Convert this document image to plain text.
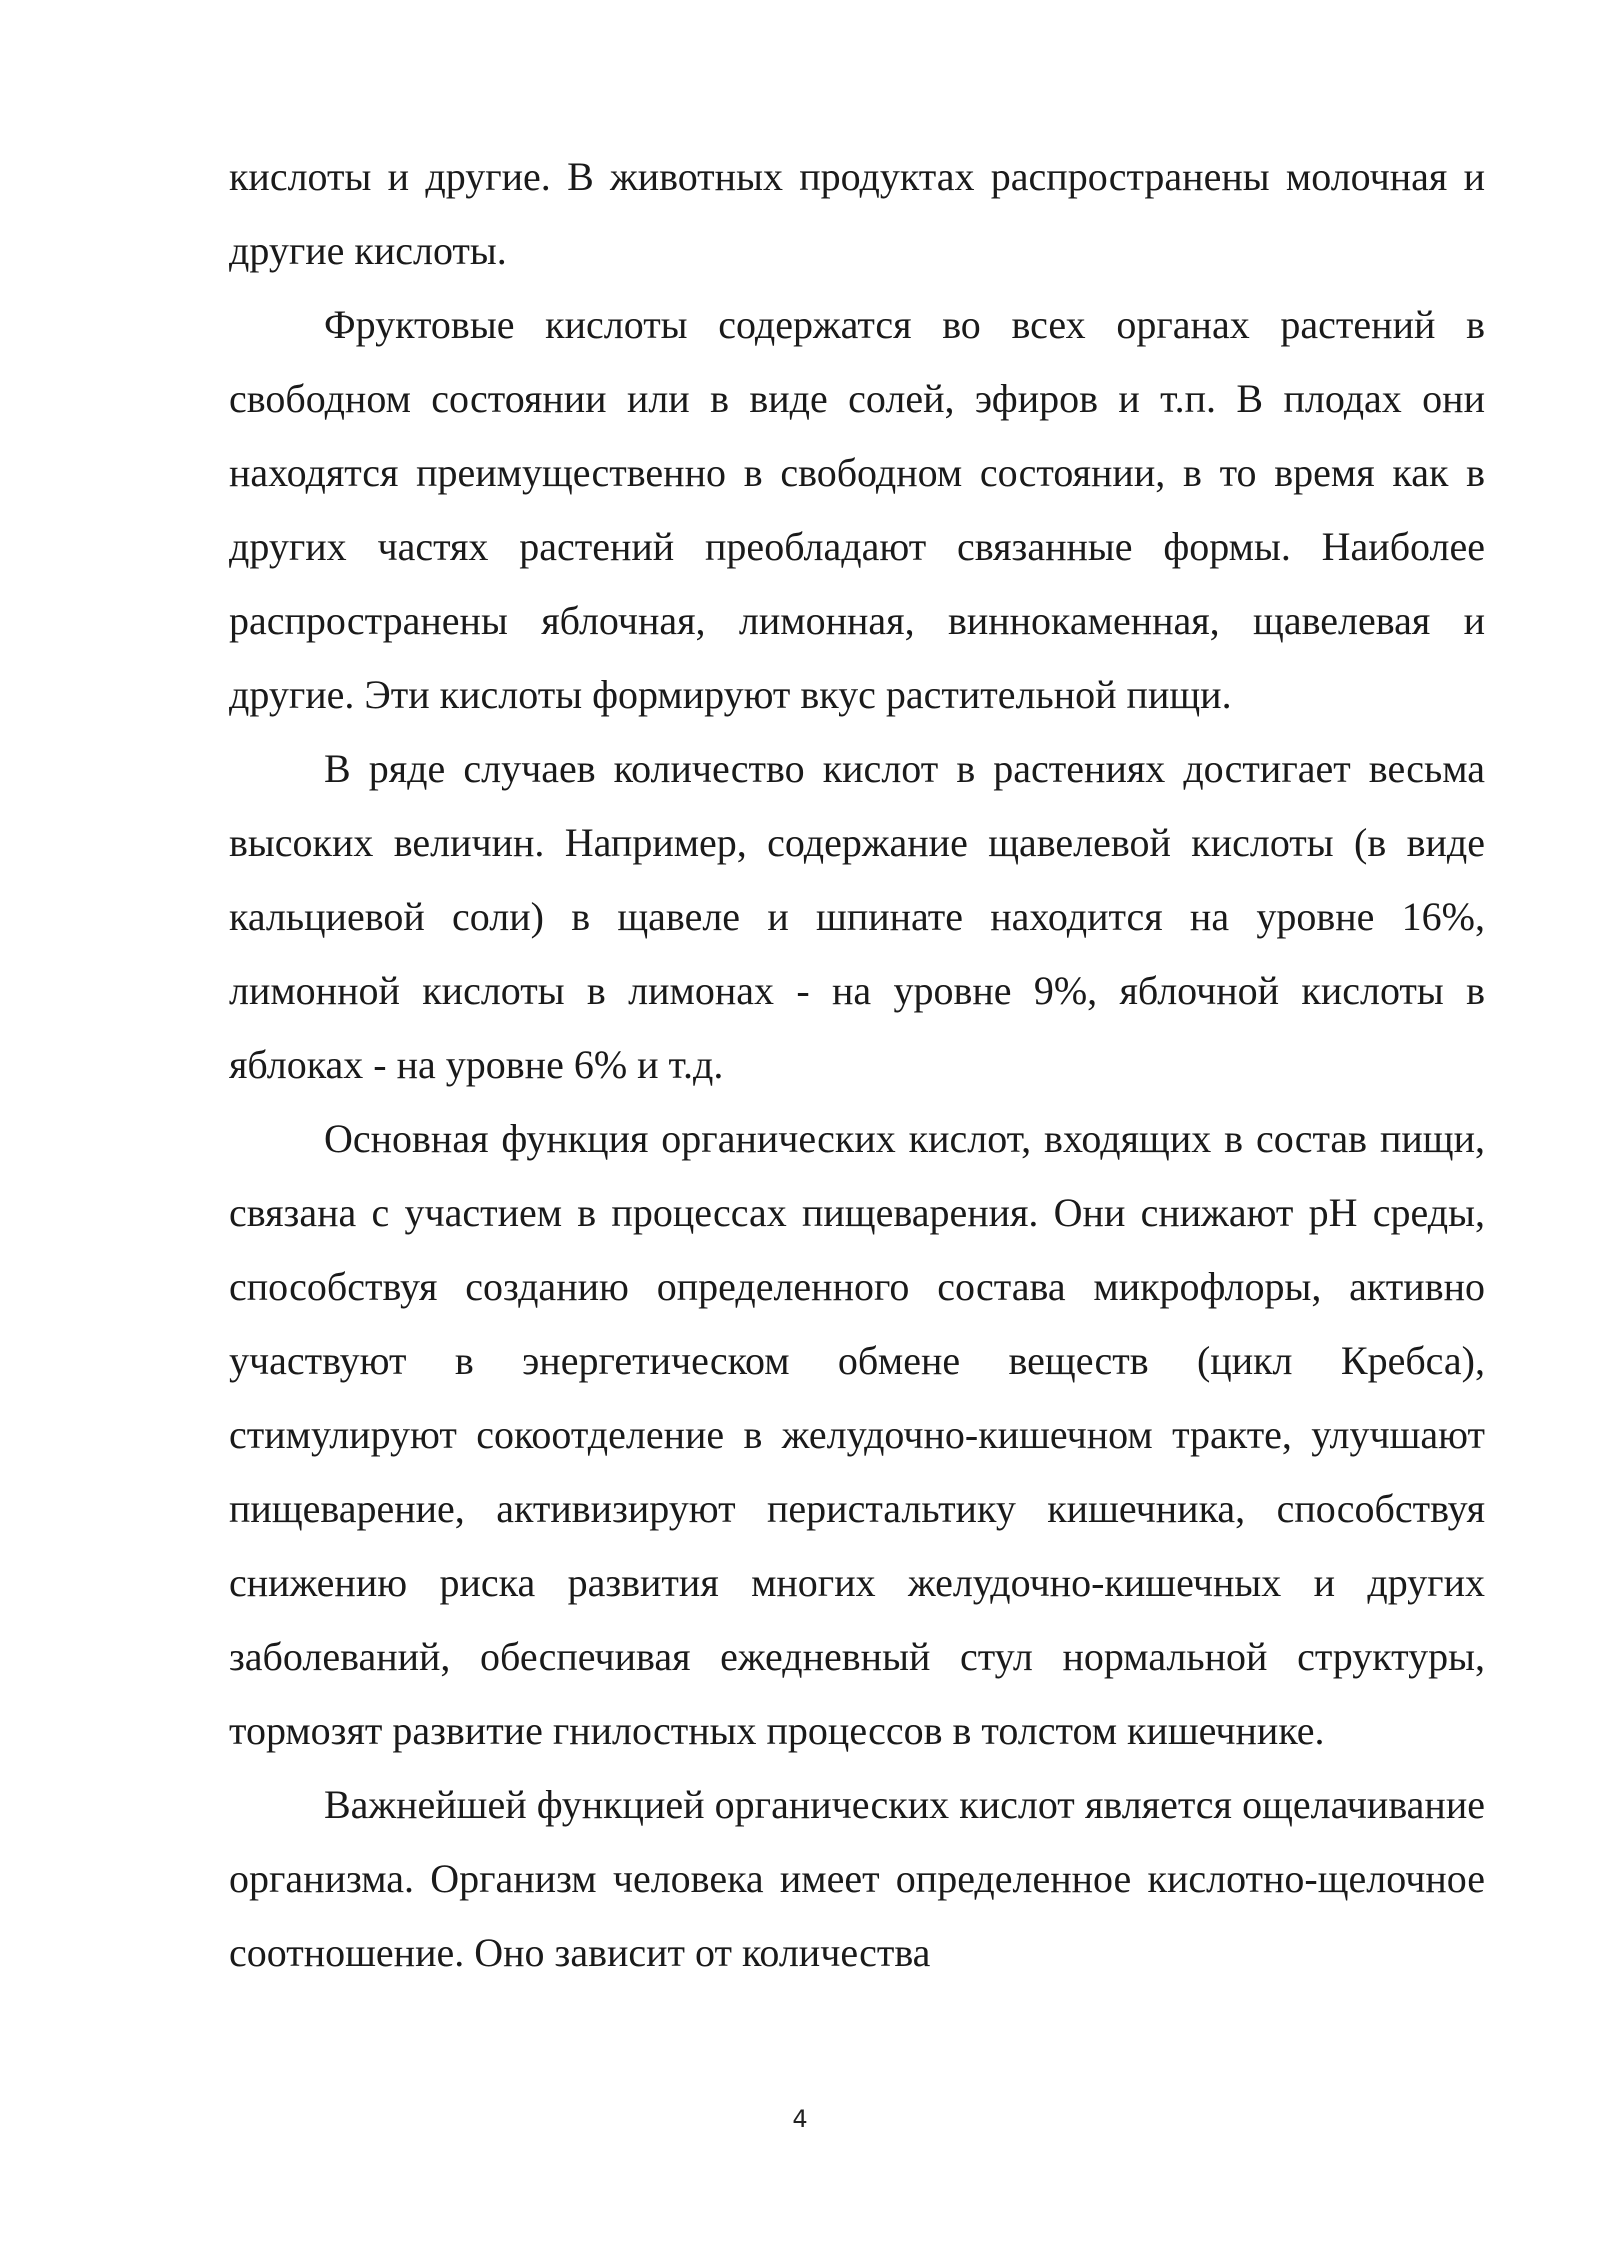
кислоты и другие. В животных продуктах распространены молочная и другие кислоты.

Фруктовые кислоты содержатся во всех органах растений в свободном состоянии или в виде солей, эфиров и т.п. В плодах они находятся преимущественно в свободном состоянии, в то время как в других частях растений преобладают связанные формы. Наиболее распространены яблочная, лимонная, виннокаменная, щавелевая и другие. Эти кислоты формируют вкус растительной пищи.

В ряде случаев количество кислот в растениях достигает весьма высоких величин. Например, содержание щавелевой кислоты (в виде кальциевой соли) в щавеле и шпинате находится на уровне 16%, лимонной кислоты в лимонах - на уровне 9%, яблочной кислоты в яблоках - на уровне 6% и т.д.

Основная функция органических кислот, входящих в состав пищи, связана с участием в процессах пищеварения. Они снижают pH среды, способствуя созданию определенного состава микрофлоры, активно участвуют в энергетическом обмене веществ (цикл Кребса), стимулируют сокоотделение в желудочно-кишечном тракте, улучшают пищеварение, активизируют перистальтику кишечника, способствуя снижению риска развития многих желудочно-кишечных и других заболеваний, обеспечивая ежедневный стул нормальной структуры, тормозят развитие гнилостных процессов в толстом кишечнике.

Важнейшей функцией органических кислот является ощелачивание организма. Организм человека имеет определенное кислотно-щелочное соотношение. Оно зависит от количества

4
